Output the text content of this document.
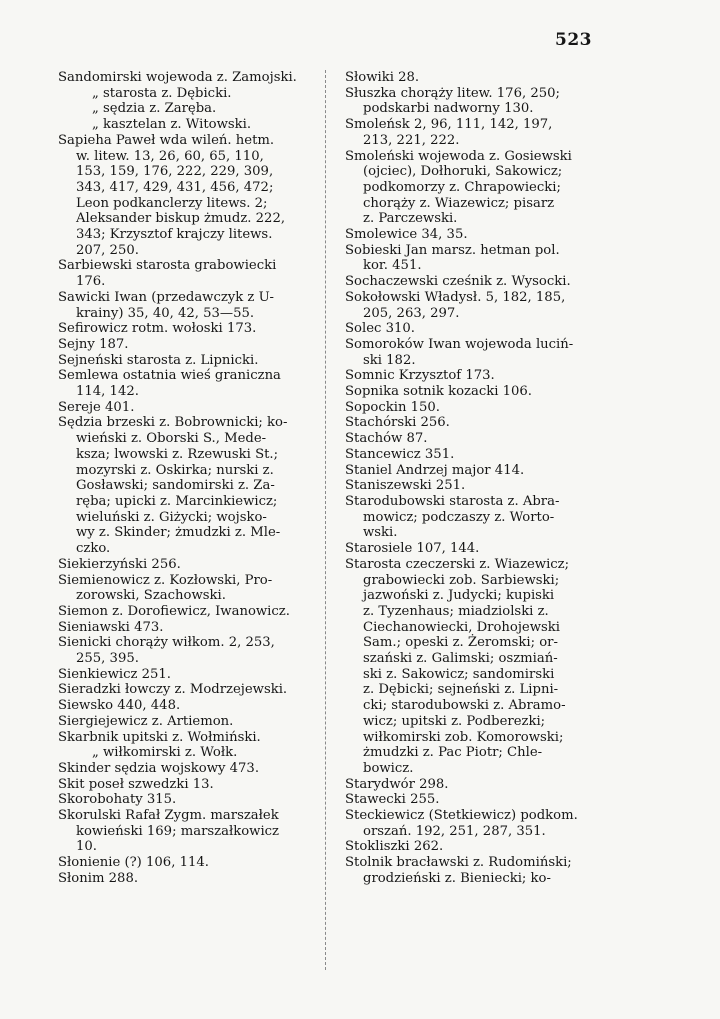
523
Sandomirski wojewoda z. Zamojski.
„ starosta z. Dębicki.
„ sędzia z. Zaręba.
„ kasztelan z. Witowski.
Sapieha Paweł wda wileń. hetm.
w. litew. 13, 26, 60, 65, 110,
153, 159, 176, 222, 229, 309,
343, 417, 429, 431, 456, 472;
Leon podkanclerzy litews. 2;
Aleksander biskup żmudz. 222,
343; Krzysztof krajczy litews.
207, 250.
Sarbiewski starosta grabowiecki
176.
Sawicki Iwan (przedawczyk z U-
krainy) 35, 40, 42, 53—55.
Sefirowicz rotm. wołoski 173.
Sejny 187.
Sejneński starosta z. Lipnicki.
Semlewa ostatnia wieś graniczna
114, 142.
Sereje 401.
Sędzia brzeski z. Bobrownicki; ko-
wieński z. Oborski S., Mede-
ksza; lwowski z. Rzewuski St.;
mozyrski z. Oskirka; nurski z.
Gosławski; sandomirski z. Za-
ręba; upicki z. Marcinkiewicz;
wieluński z. Giżycki; wojsko-
wy z. Skinder; żmudzki z. Mle-
czko.
Siekierzyński 256.
Siemienowicz z. Kozłowski, Pro-
zorowski, Szachowski.
Siemon z. Dorofiewicz, Iwanowicz.
Sieniawski 473.
Sienicki chorąży wiłkom. 2, 253,
255, 395.
Sienkiewicz 251.
Sieradzki łowczy z. Modrzejewski.
Siewsko 440, 448.
Siergiejewicz z. Artiemon.
Skarbnik upitski z. Wołmiński.
„ wiłkomirski z. Wołk.
Skinder sędzia wojskowy 473.
Skit poseł szwedzki 13.
Skorobohaty 315.
Skorulski Rafał Zygm. marszałek
kowieński 169; marszałkowicz
10.
Słonienie (?) 106, 114.
Słonim 288.
Słowiki 28.
Słuszka chorąży litew. 176, 250;
podskarbi nadworny 130.
Smoleńsk 2, 96, 111, 142, 197,
213, 221, 222.
Smoleński wojewoda z. Gosiewski
(ojciec), Dołhoruki, Sakowicz;
podkomorzy z. Chrapowiecki;
chorąży z. Wiazewicz; pisarz
z. Parczewski.
Smolewice 34, 35.
Sobieski Jan marsz. hetman pol.
kor. 451.
Sochaczewski cześnik z. Wysocki.
Sokołowski Władysł. 5, 182, 185,
205, 263, 297.
Solec 310.
Somoroków Iwan wojewoda luciń-
ski 182.
Somnic Krzysztof 173.
Sopnika sotnik kozacki 106.
Sopockin 150.
Stachórski 256.
Stachów 87.
Stancewicz 351.
Staniel Andrzej major 414.
Staniszewski 251.
Starodubowski starosta z. Abra-
mowicz; podczaszy z. Worto-
wski.
Starosiele 107, 144.
Starosta czeczerski z. Wiazewicz;
grabowiecki zob. Sarbiewski;
jazwoński z. Judycki; kupiski
z. Tyzenhaus; miadziolski z.
Ciechanowiecki, Drohojewski
Sam.; opeski z. Żeromski; or-
szański z. Galimski; oszmiań-
ski z. Sakowicz; sandomirski
z. Dębicki; sejneński z. Lipni-
cki; starodubowski z. Abramo-
wicz; upitski z. Podberezki;
wiłkomirski zob. Komorowski;
żmudzki z. Pac Piotr; Chle-
bowicz.
Starydwór 298.
Stawecki 255.
Steckiewicz (Stetkiewicz) podkom.
orszań. 192, 251, 287, 351.
Stokliszki 262.
Stolnik bracławski z. Rudomiński;
grodzieński z. Bieniecki; ko-
